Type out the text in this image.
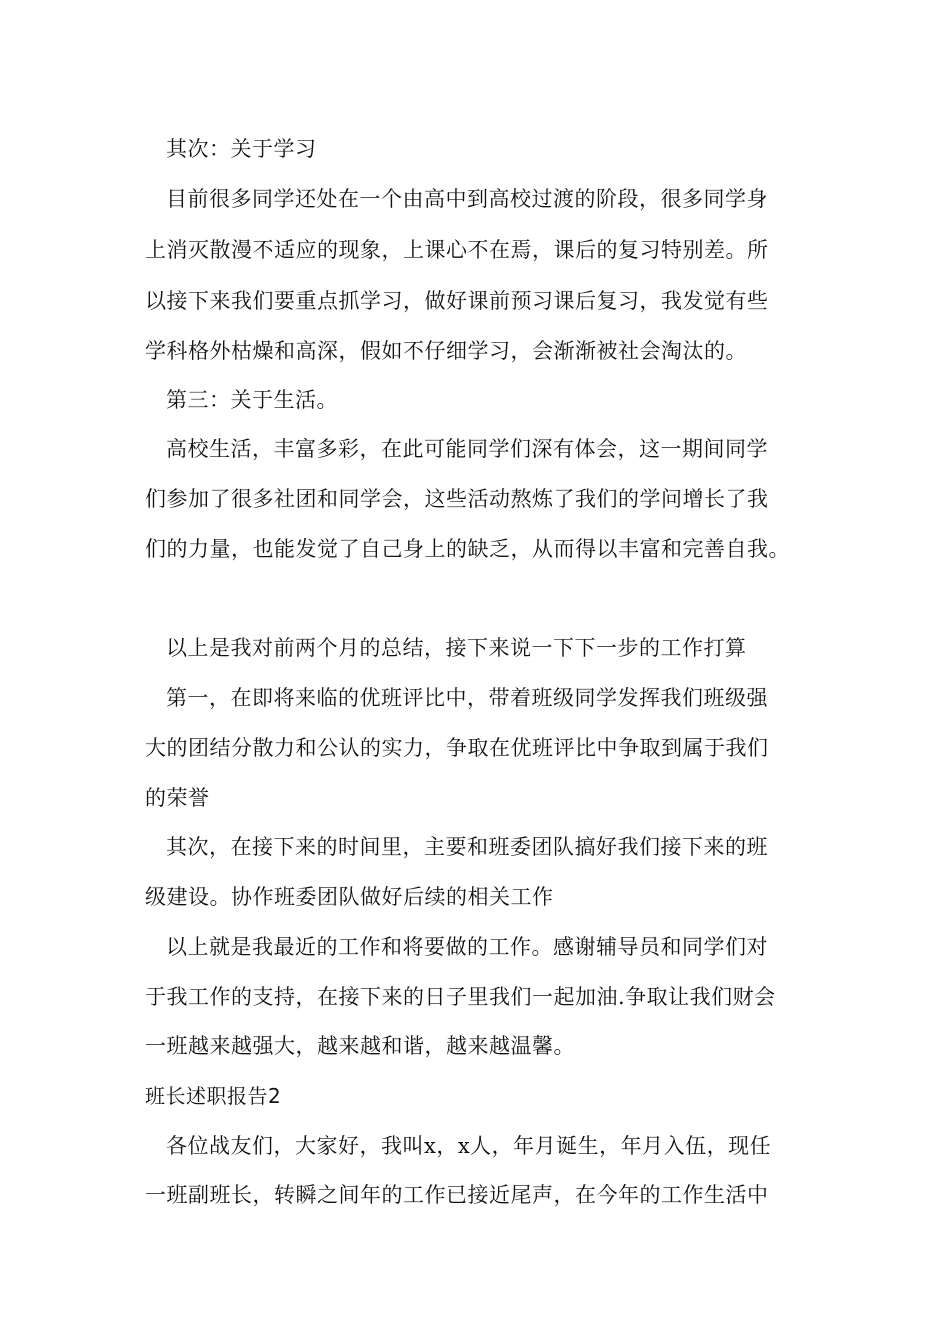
其次：关于学习
目前很多同学还处在一个由高中到高校过渡的阶段，很多同学身
上消灭散漫不适应的现象，上课心不在焉，课后的复习特别差。所
以接下来我们要重点抓学习，做好课前预习课后复习，我发觉有些
学科格外枯燥和高深，假如不仔细学习，会渐渐被社会淘汰的。
第三：关于生活。
高校生活，丰富多彩，在此可能同学们深有体会，这一期间同学
们参加了很多社团和同学会，这些活动熬炼了我们的学问增长了我
们的力量，也能发觉了自己身上的缺乏，从而得以丰富和完善自我。
以上是我对前两个月的总结，接下来说一下下一步的工作打算
第一，在即将来临的优班评比中，带着班级同学发挥我们班级强
大的团结分散力和公认的实力，争取在优班评比中争取到属于我们
的荣誉
其次，在接下来的时间里，主要和班委团队搞好我们接下来的班
级建设。协作班委团队做好后续的相关工作
以上就是我最近的工作和将要做的工作。感谢辅导员和同学们对
于我工作的支持，在接下来的日子里我们一起加油.争取让我们财会
一班越来越强大，越来越和谐，越来越温馨。
班长述职报告2
各位战友们，大家好，我叫x，x人，年月诞生，年月入伍，现任
一班副班长，转瞬之间年的工作已接近尾声，在今年的工作生活中
